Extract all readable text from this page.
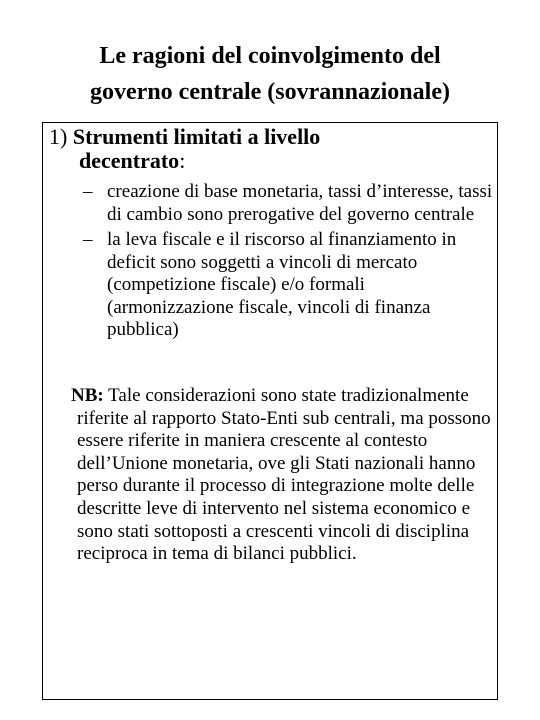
Le ragioni del coinvolgimento del
governo centrale (sovrannazionale)
1) Strumenti limitati a livello
decentrato:
– creazione di base monetaria, tassi d’interesse, tassi di cambio sono prerogative del governo centrale
– la leva fiscale e il riscorso al finanziamento in deficit sono soggetti a vincoli di mercato (competizione fiscale) e/o formali (armonizzazione fiscale, vincoli di finanza pubblica)
NB: Tale considerazioni sono state tradizionalmente riferite al rapporto Stato-Enti sub centrali, ma possono essere riferite in maniera crescente al contesto dell’Unione monetaria, ove gli Stati nazionali hanno perso durante il processo di integrazione molte delle descritte leve di intervento nel sistema economico e sono stati sottoposti a crescenti vincoli di disciplina reciproca in tema di bilanci pubblici.
